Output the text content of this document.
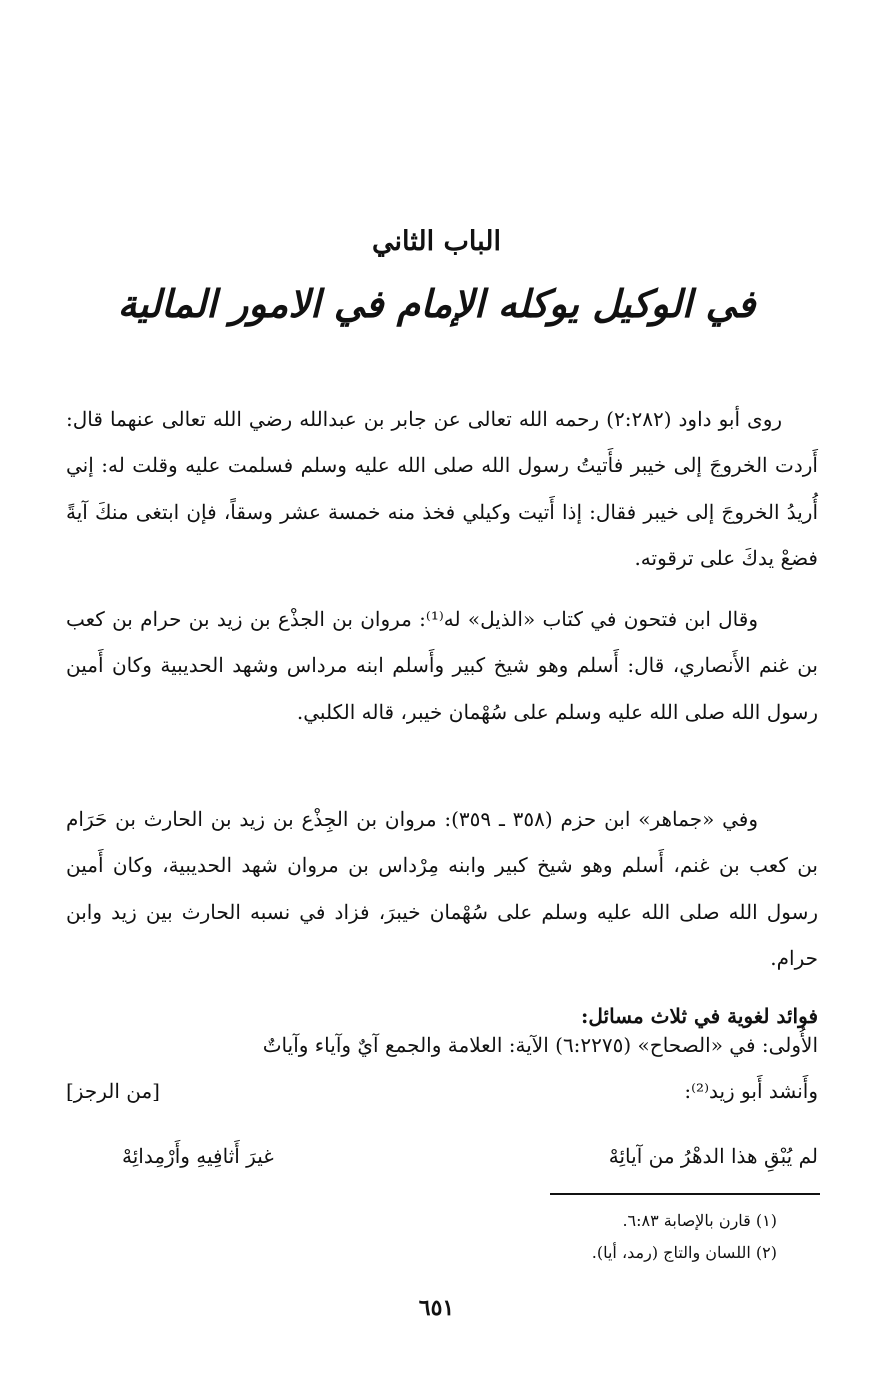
الباب الثاني
في الوكيل يوكله الإمام في الامور المالية

روى أبو داود (٢:٢٨٢) رحمه الله تعالى عن جابر بن عبدالله رضي الله تعالى عنهما قال: أَردت الخروجَ إلى خيبر فأَتيتُ رسول الله صلى الله عليه وسلم فسلمت عليه وقلت له: إني أُريدُ الخروجَ إلى خيبر فقال: إذا أَتيت وكيلي فخذ منه خمسة عشر وسقاً، فإن ابتغى منكَ آيةً فضعْ يدكَ على ترقوته.

وقال ابن فتحون في كتاب «الذيل» له⁽¹⁾: مروان بن الجذْع بن زيد بن حرام بن كعب بن غنم الأَنصاري، قال: أَسلم وهو شيخ كبير وأَسلم ابنه مرداس وشهد الحديبية وكان أَمين رسول الله صلى الله عليه وسلم على سُهْمان خيبر، قاله الكلبي.

وفي «جماهر» ابن حزم (٣٥٨ ـ ٣٥٩): مروان بن الجِذْع بن زيد بن الحارث بن حَرَام بن كعب بن غنم، أَسلم وهو شيخ كبير وابنه مِرْداس بن مروان شهد الحديبية، وكان أَمين رسول الله صلى الله عليه وسلم على سُهْمان خيبرَ، فزاد في نسبه الحارث بين زيد وابن حرام.

فوائد لغوية في ثلاث مسائل:
الأُولى: في «الصحاح» (٦:٢٢٧٥) الآية: العلامة والجمع آيٌ وآياء وآياتٌ
وأَنشد أَبو زيد⁽²⁾:
[من الرجز]
لم يُبْقِ هذا الدهْرُ من آيائِهْ
غيرَ أَثافِيهِ وأَرْمِدائِهْ
(١) قارن بالإصابة ٦:٨٣.
(٢) اللسان والتاج (رمد، أيا).
٦٥١
